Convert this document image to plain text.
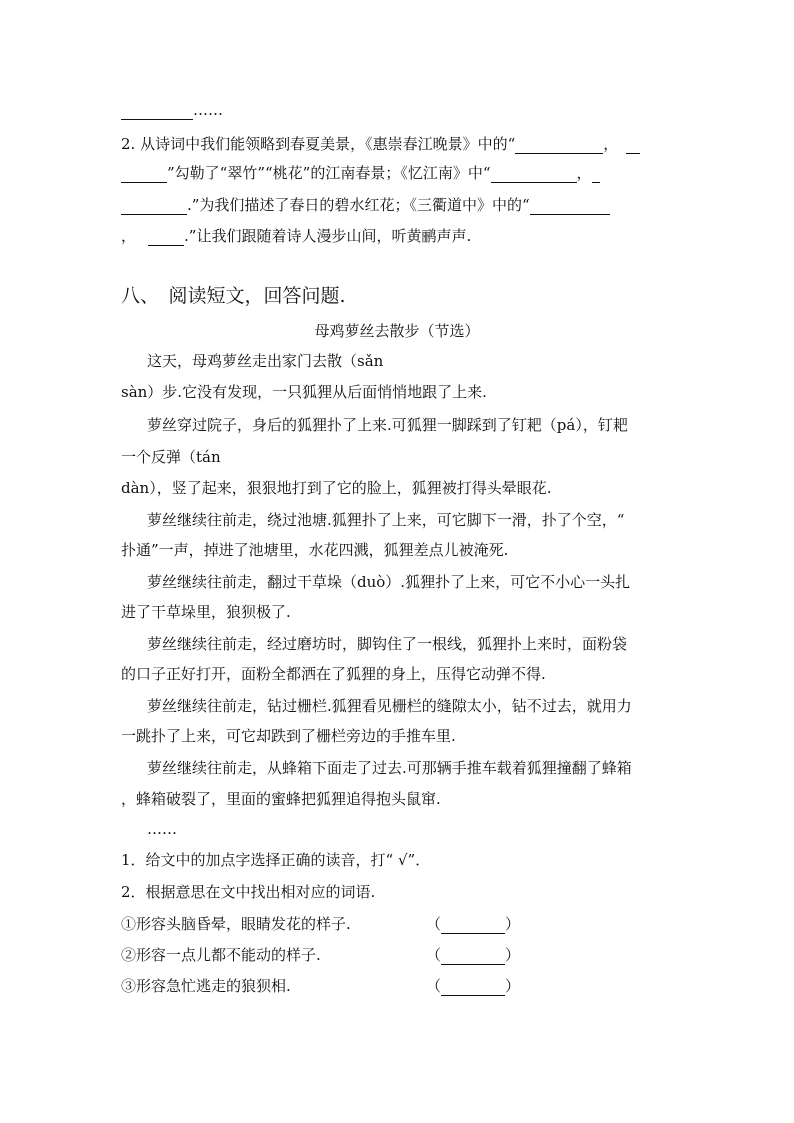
……
2. 从诗词中我们能领略到春夏美景，《惠崇春江晚景》中的“	，
”勾勒了“翠竹”“桃花”的江南春景；《忆江南》中“	，
.”为我们描述了春日的碧水红花；《三衢道中》中的“
，	.”让我们跟随着诗人漫步山间，听黄鹂声声.
八、　阅读短文，回答问题.
母鸡萝丝去散步（节选）
这天，母鸡萝丝走出家门去散（sǎn
sàn）步.它没有发现，一只狐狸从后面悄悄地跟了上来.
萝丝穿过院子，身后的狐狸扑了上来.可狐狸一脚踩到了钉耙（pá），钉耙
一个反弹（tán
dàn），竖了起来，狠狠地打到了它的脸上，狐狸被打得头晕眼花.
萝丝继续往前走，绕过池塘.狐狸扑了上来，可它脚下一滑，扑了个空，“
扑通”一声，掉进了池塘里，水花四溅，狐狸差点儿被淹死.
萝丝继续往前走，翻过干草垛（duò）.狐狸扑了上来，可它不小心一头扎
进了干草垛里，狼狈极了.
萝丝继续往前走，经过磨坊时，脚钩住了一根线，狐狸扑上来时，面粉袋
的口子正好打开，面粉全都洒在了狐狸的身上，压得它动弹不得.
萝丝继续往前走，钻过栅栏.狐狸看见栅栏的缝隙太小，钻不过去，就用力
一跳扑了上来，可它却跌到了栅栏旁边的手推车里.
萝丝继续往前走，从蜂箱下面走了过去.可那辆手推车载着狐狸撞翻了蜂箱
，蜂箱破裂了，里面的蜜蜂把狐狸追得抱头鼠窜.
……
1．给文中的加点字选择正确的读音，打“ √”．
2．根据意思在文中找出相对应的词语.
①形容头脑昏晕，眼睛发花的样子.	（	）
②形容一点儿都不能动的样子.	（	）
③形容急忙逃走的狼狈相.	（	）
